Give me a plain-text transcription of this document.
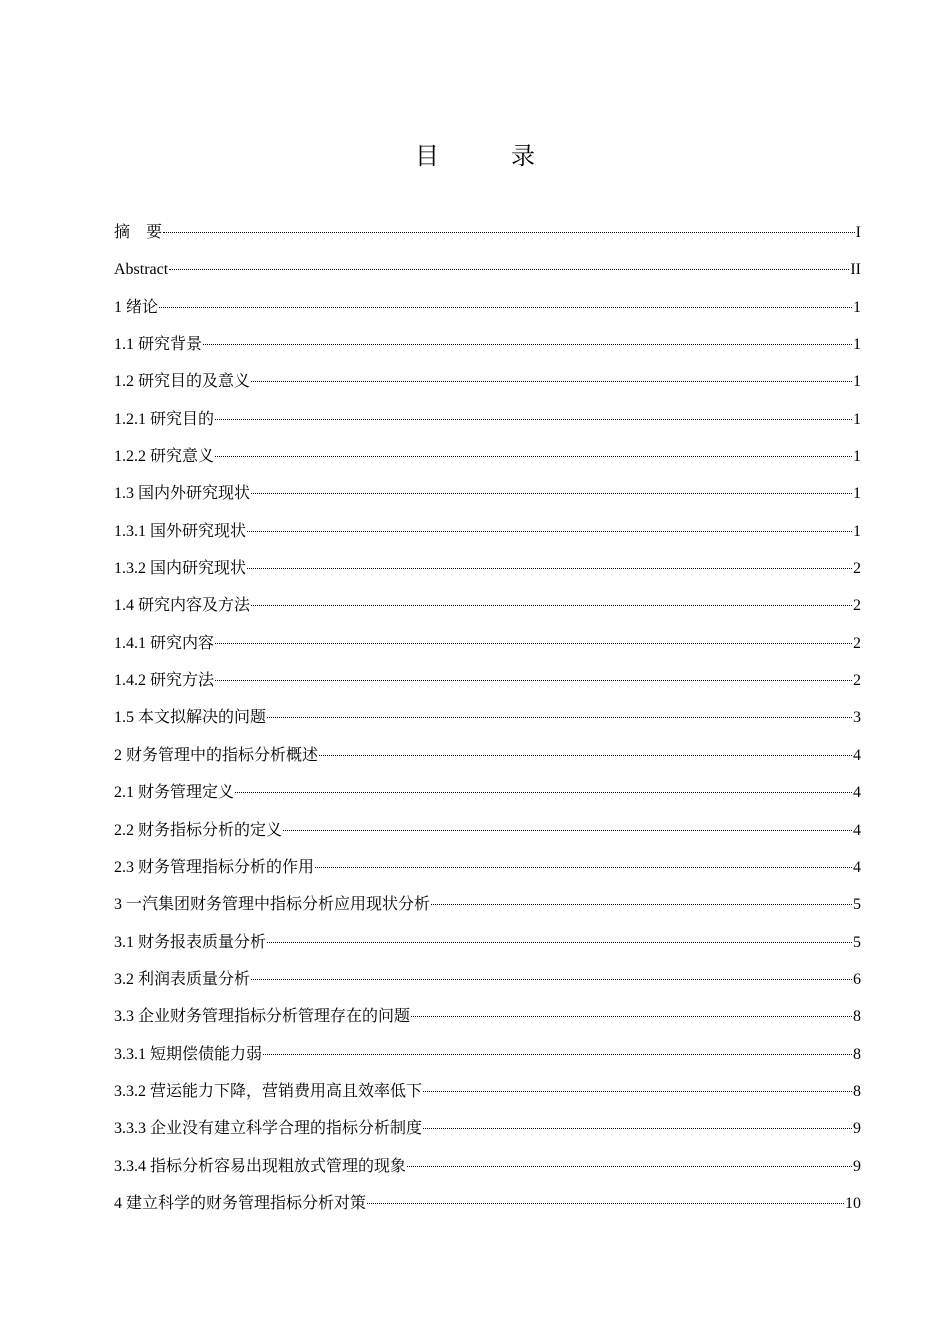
目　录
摘　要	I
Abstract	II
1 绪论	1
1.1 研究背景	1
1.2 研究目的及意义	1
1.2.1 研究目的	1
1.2.2 研究意义	1
1.3 国内外研究现状	1
1.3.1 国外研究现状	1
1.3.2 国内研究现状	2
1.4 研究内容及方法	2
1.4.1 研究内容	2
1.4.2 研究方法	2
1.5 本文拟解决的问题	3
2 财务管理中的指标分析概述	4
2.1 财务管理定义	4
2.2 财务指标分析的定义	4
2.3 财务管理指标分析的作用	4
3 一汽集团财务管理中指标分析应用现状分析	5
3.1 财务报表质量分析	5
3.2 利润表质量分析	6
3.3 企业财务管理指标分析管理存在的问题	8
3.3.1 短期偿债能力弱	8
3.3.2 营运能力下降，营销费用高且效率低下	8
3.3.3 企业没有建立科学合理的指标分析制度	9
3.3.4 指标分析容易出现粗放式管理的现象	9
4 建立科学的财务管理指标分析对策	10
